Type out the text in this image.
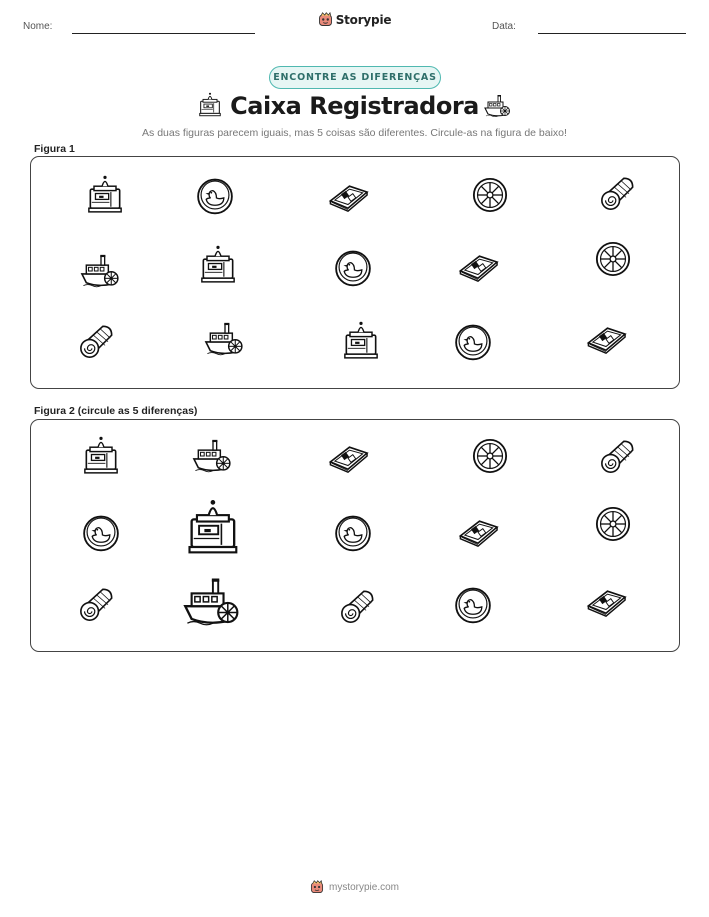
Nome:	Storypie	Data:
ENCONTRE AS DIFERENÇAS
Caixa Registradora
As duas figuras parecem iguais, mas 5 coisas são diferentes. Circule-as na figura de baixo!
Figura 1
Figura 2 (circule as 5 diferenças)
mystorypie.com
